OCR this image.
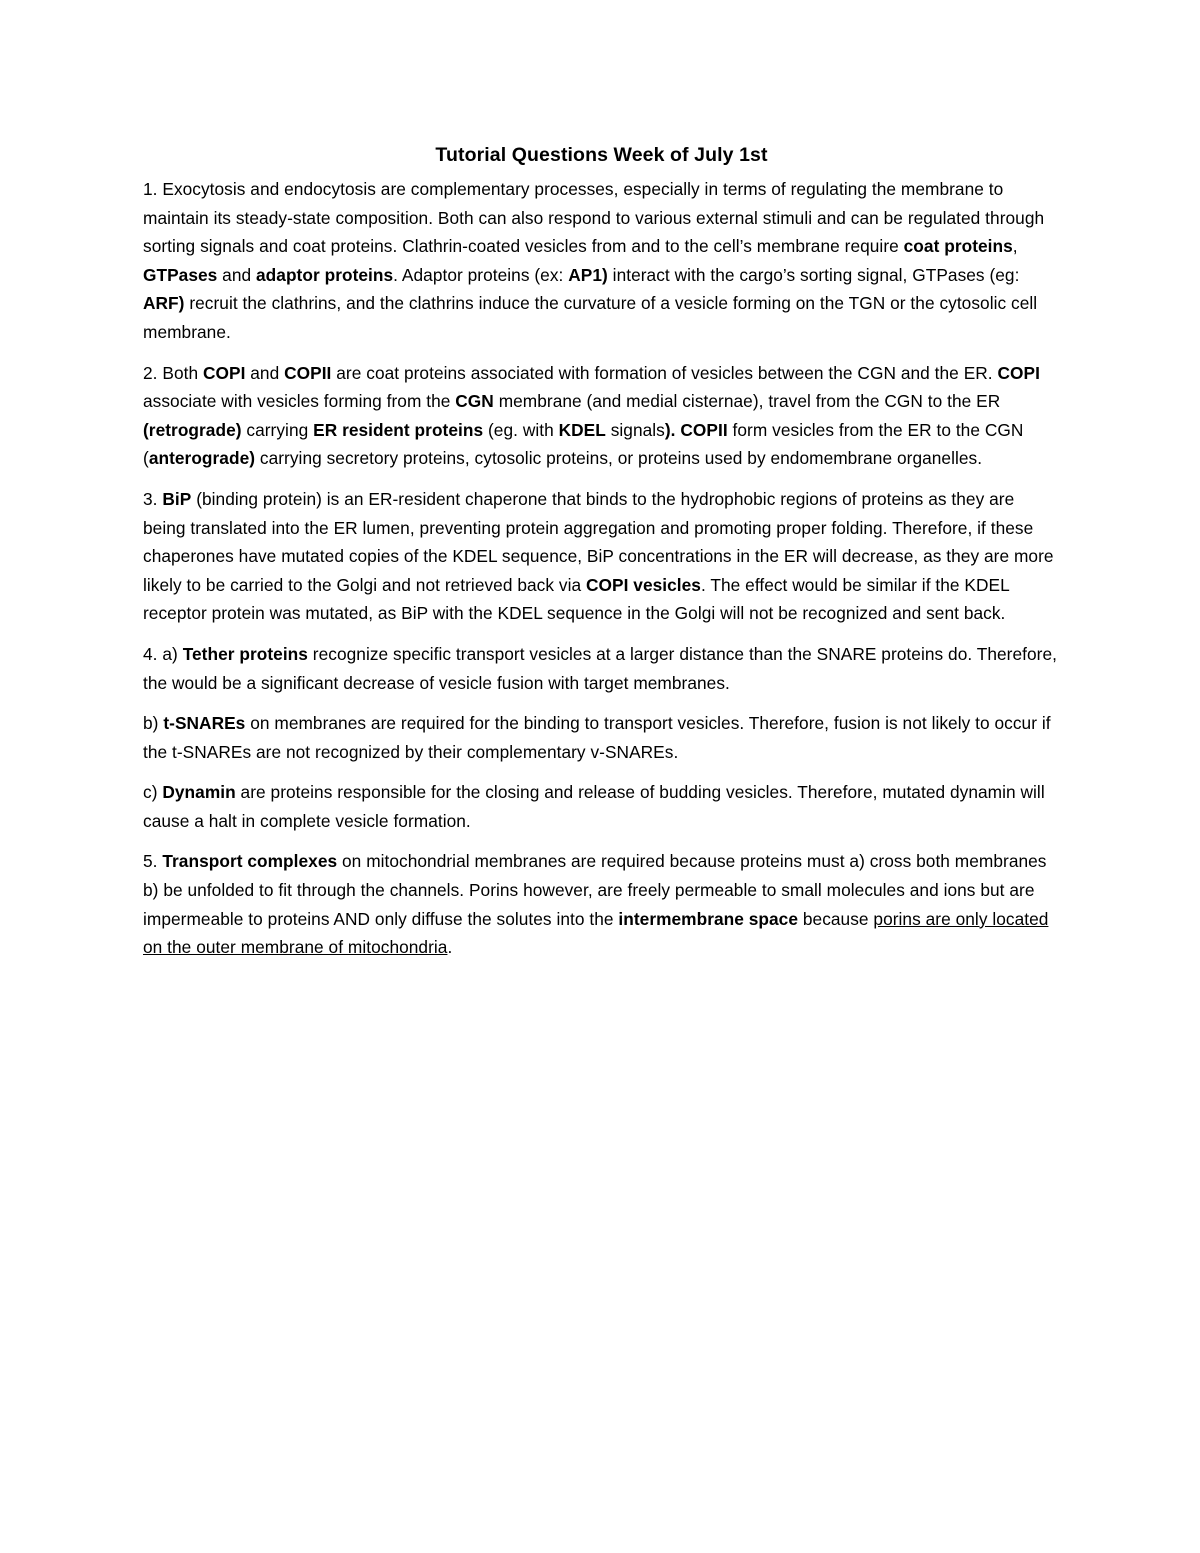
Tutorial Questions Week of July 1st

1. Exocytosis and endocytosis are complementary processes, especially in terms of regulating the membrane to maintain its steady-state composition. Both can also respond to various external stimuli and can be regulated through sorting signals and coat proteins. Clathrin-coated vesicles from and to the cell’s membrane require coat proteins, GTPases and adaptor proteins. Adaptor proteins (ex: AP1) interact with the cargo’s sorting signal, GTPases (eg: ARF) recruit the clathrins, and the clathrins induce the curvature of a vesicle forming on the TGN or the cytosolic cell membrane.

2. Both COPI and COPII are coat proteins associated with formation of vesicles between the CGN and the ER. COPI associate with vesicles forming from the CGN membrane (and medial cisternae), travel from the CGN to the ER (retrograde) carrying ER resident proteins (eg. with KDEL signals). COPII form vesicles from the ER to the CGN (anterograde) carrying secretory proteins, cytosolic proteins, or proteins used by endomembrane organelles.

3. BiP (binding protein) is an ER-resident chaperone that binds to the hydrophobic regions of proteins as they are being translated into the ER lumen, preventing protein aggregation and promoting proper folding. Therefore, if these chaperones have mutated copies of the KDEL sequence, BiP concentrations in the ER will decrease, as they are more likely to be carried to the Golgi and not retrieved back via COPI vesicles. The effect would be similar if the KDEL receptor protein was mutated, as BiP with the KDEL sequence in the Golgi will not be recognized and sent back.

4. a) Tether proteins recognize specific transport vesicles at a larger distance than the SNARE proteins do. Therefore, the would be a significant decrease of vesicle fusion with target membranes.

b) t-SNAREs on membranes are required for the binding to transport vesicles. Therefore, fusion is not likely to occur if the t-SNAREs are not recognized by their complementary v-SNAREs.

c) Dynamin are proteins responsible for the closing and release of budding vesicles. Therefore, mutated dynamin will cause a halt in complete vesicle formation.

5. Transport complexes on mitochondrial membranes are required because proteins must a) cross both membranes b) be unfolded to fit through the channels. Porins however, are freely permeable to small molecules and ions but are impermeable to proteins AND only diffuse the solutes into the intermembrane space because porins are only located on the outer membrane of mitochondria.
